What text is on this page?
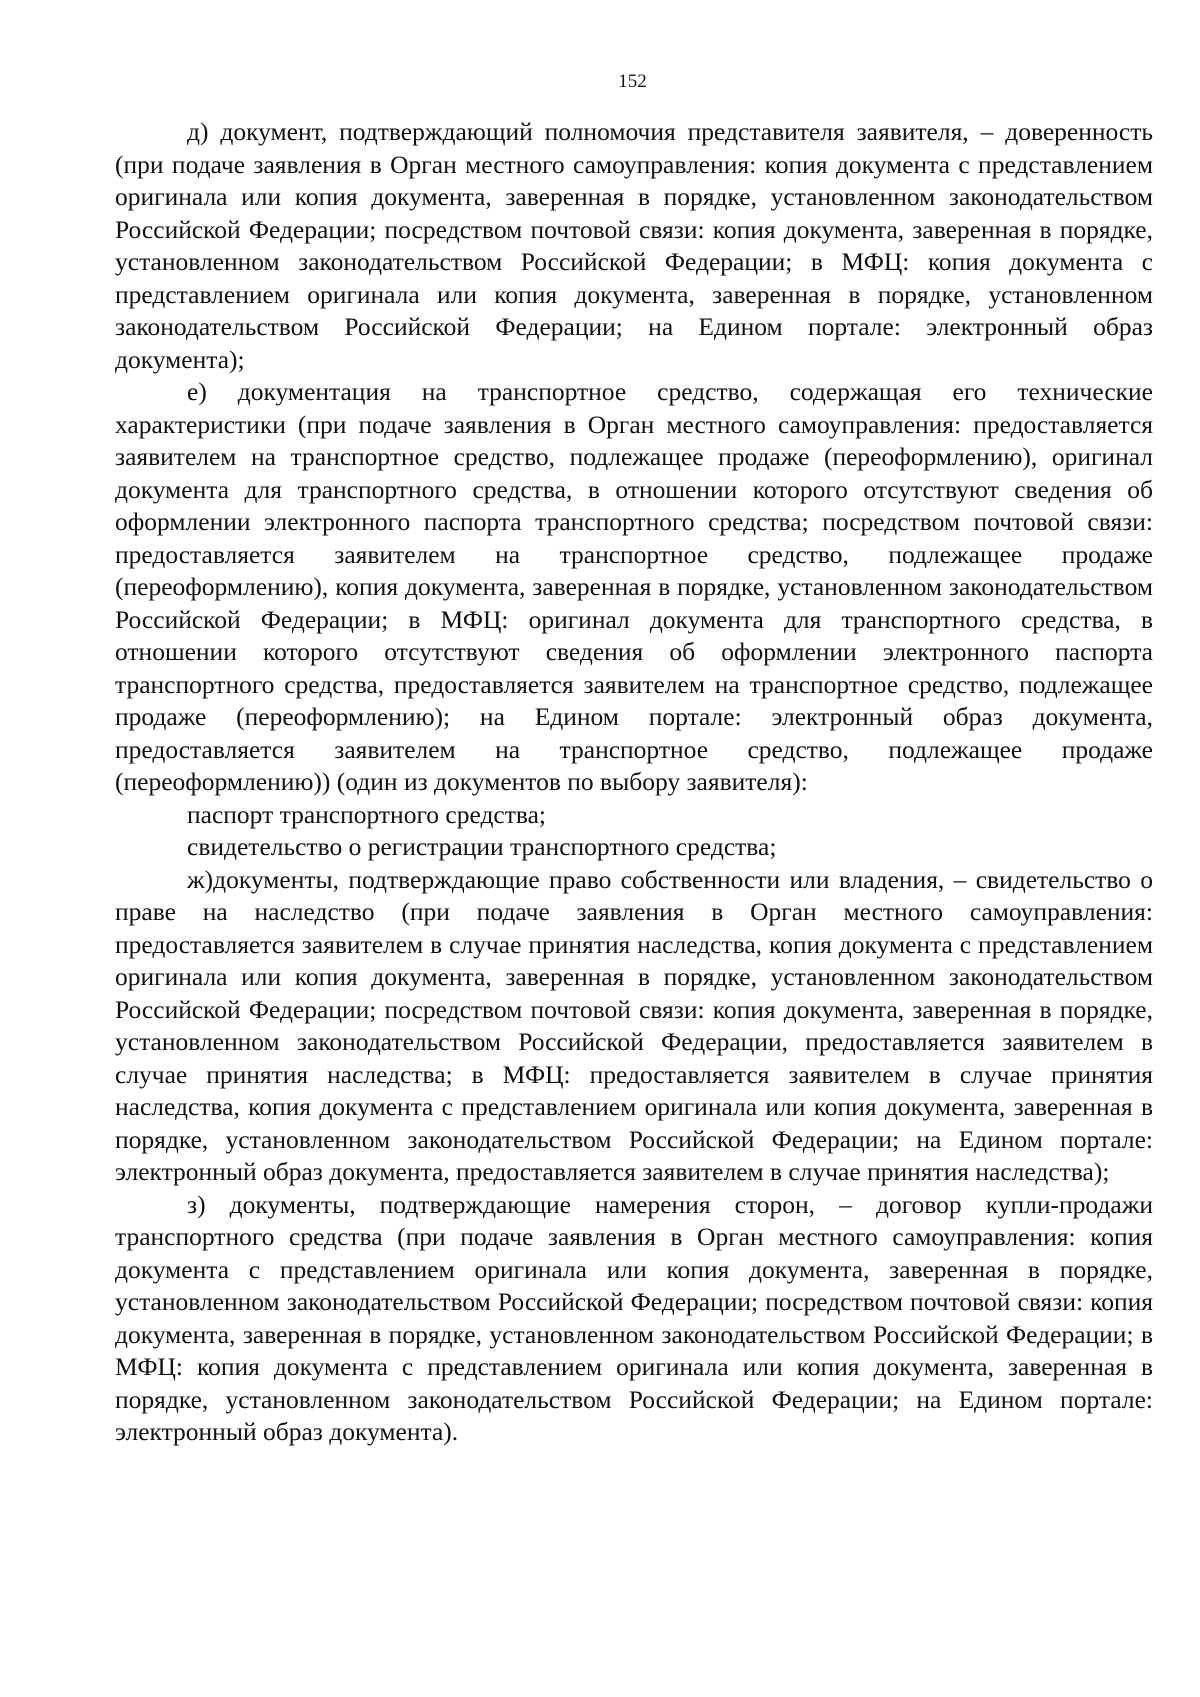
152

д) документ, подтверждающий полномочия представителя заявителя, – доверенность (при подаче заявления в Орган местного самоуправления: копия документа с представлением оригинала или копия документа, заверенная в порядке, установленном законодательством Российской Федерации; посредством почтовой связи: копия документа, заверенная в порядке, установленном законодательством Российской Федерации; в МФЦ: копия документа с представлением оригинала или копия документа, заверенная в порядке, установленном законодательством Российской Федерации; на Едином портале: электронный образ документа);

е) документация на транспортное средство, содержащая его технические характеристики (при подаче заявления в Орган местного самоуправления: предоставляется заявителем на транспортное средство, подлежащее продаже (переоформлению), оригинал документа для транспортного средства, в отношении которого отсутствуют сведения об оформлении электронного паспорта транспортного средства; посредством почтовой связи: предоставляется заявителем на транспортное средство, подлежащее продаже (переоформлению), копия документа, заверенная в порядке, установленном законодательством Российской Федерации; в МФЦ: оригинал документа для транспортного средства, в отношении которого отсутствуют сведения об оформлении электронного паспорта транспортного средства, предоставляется заявителем на транспортное средство, подлежащее продаже (переоформлению); на Едином портале: электронный образ документа, предоставляется заявителем на транспортное средство, подлежащее продаже (переоформлению)) (один из документов по выбору заявителя):

паспорт транспортного средства;

свидетельство о регистрации транспортного средства;

ж)документы, подтверждающие право собственности или владения, – свидетельство о праве на наследство (при подаче заявления в Орган местного самоуправления: предоставляется заявителем в случае принятия наследства, копия документа с представлением оригинала или копия документа, заверенная в порядке, установленном законодательством Российской Федерации; посредством почтовой связи: копия документа, заверенная в порядке, установленном законодательством Российской Федерации, предоставляется заявителем в случае принятия наследства; в МФЦ: предоставляется заявителем в случае принятия наследства, копия документа с представлением оригинала или копия документа, заверенная в порядке, установленном законодательством Российской Федерации; на Едином портале: электронный образ документа, предоставляется заявителем в случае принятия наследства);

з) документы, подтверждающие намерения сторон, – договор купли-продажи транспортного средства (при подаче заявления в Орган местного самоуправления: копия документа с представлением оригинала или копия документа, заверенная в порядке, установленном законодательством Российской Федерации; посредством почтовой связи: копия документа, заверенная в порядке, установленном законодательством Российской Федерации; в МФЦ: копия документа с представлением оригинала или копия документа, заверенная в порядке, установленном законодательством Российской Федерации; на Едином портале: электронный образ документа).
